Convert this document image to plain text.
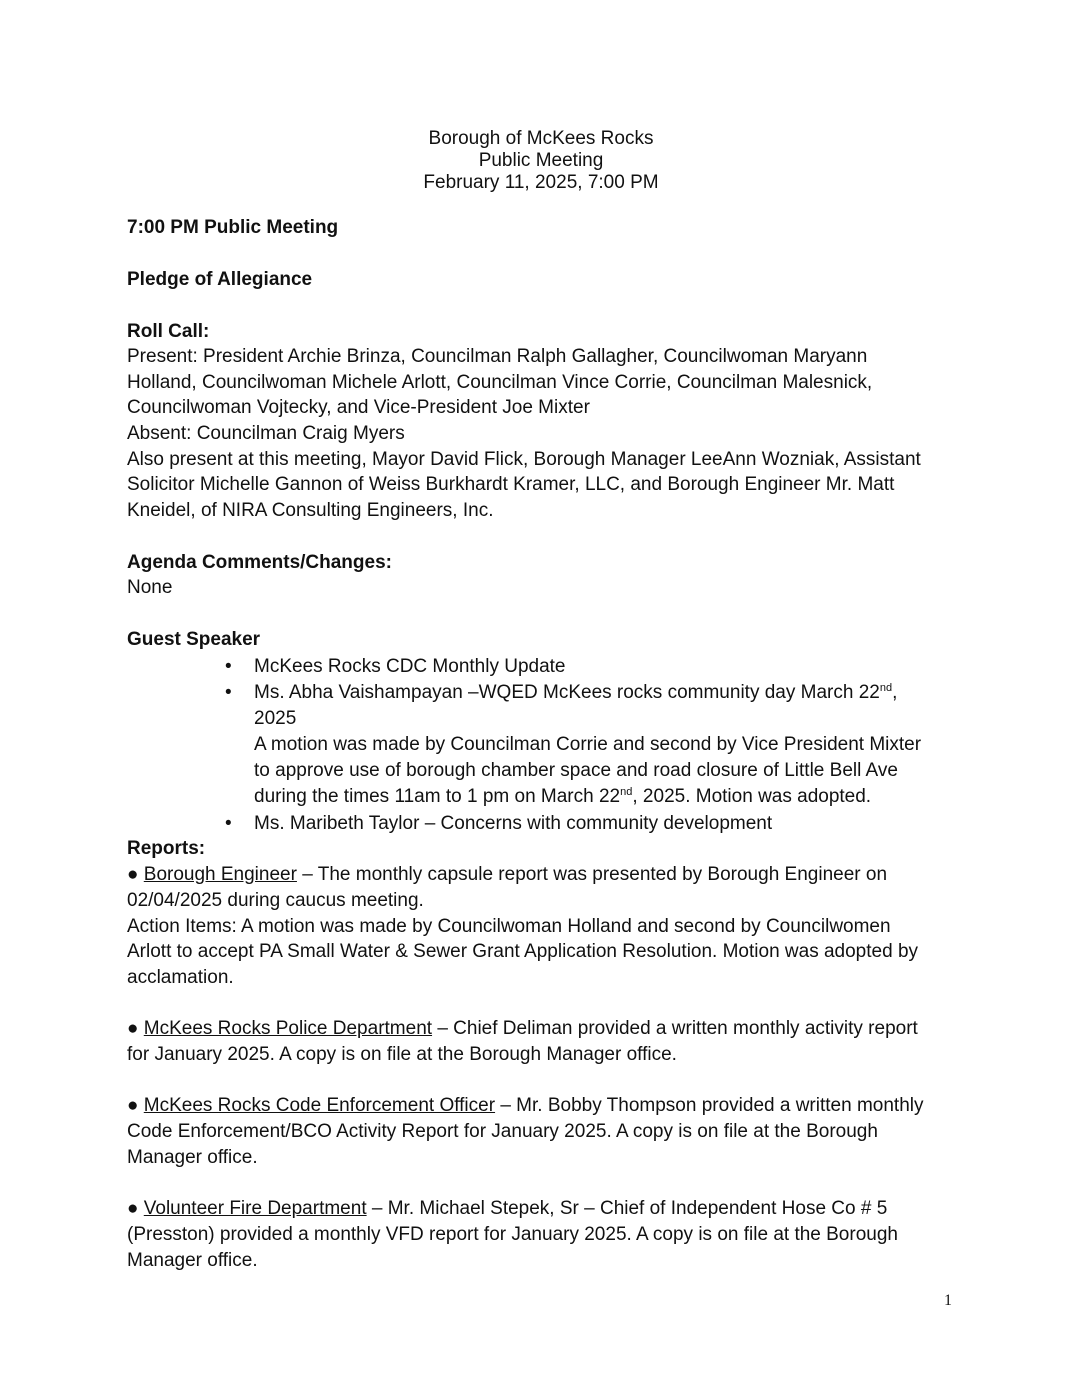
Borough of McKees Rocks

Public Meeting

February 11, 2025, 7:00 PM

7:00 PM Public Meeting

Pledge of Allegiance

Roll Call:

Present: President Archie Brinza, Councilman Ralph Gallagher, Councilwoman Maryann

Holland, Councilwoman Michele Arlott, Councilman Vince Corrie, Councilman Malesnick,

Councilwoman Vojtecky, and Vice-President Joe Mixter

Absent: Councilman Craig Myers

Also present at this meeting, Mayor David Flick, Borough Manager LeeAnn Wozniak, Assistant

Solicitor Michelle Gannon of Weiss Burkhardt Kramer, LLC, and Borough Engineer Mr. Matt

Kneidel, of NIRA Consulting Engineers, Inc.

Agenda Comments/Changes:

None

Guest Speaker

• McKees Rocks CDC Monthly Update

• Ms. Abha Vaishampayan –WQED McKees rocks community day March 22nd,

2025

A motion was made by Councilman Corrie and second by Vice President Mixter

to approve use of borough chamber space and road closure of Little Bell Ave

during the times 11am to 1 pm on March 22nd, 2025. Motion was adopted.

• Ms. Maribeth Taylor – Concerns with community development

Reports:

● Borough Engineer – The monthly capsule report was presented by Borough Engineer on

02/04/2025 during caucus meeting.

Action Items: A motion was made by Councilwoman Holland and second by Councilwomen

Arlott to accept PA Small Water & Sewer Grant Application Resolution. Motion was adopted by

acclamation.

● McKees Rocks Police Department – Chief Deliman provided a written monthly activity report

for January 2025. A copy is on file at the Borough Manager office.

● McKees Rocks Code Enforcement Officer – Mr. Bobby Thompson provided a written monthly

Code Enforcement/BCO Activity Report for January 2025. A copy is on file at the Borough

Manager office.

● Volunteer Fire Department – Mr. Michael Stepek, Sr – Chief of Independent Hose Co # 5

(Presston) provided a monthly VFD report for January 2025. A copy is on file at the Borough

Manager office.

1
